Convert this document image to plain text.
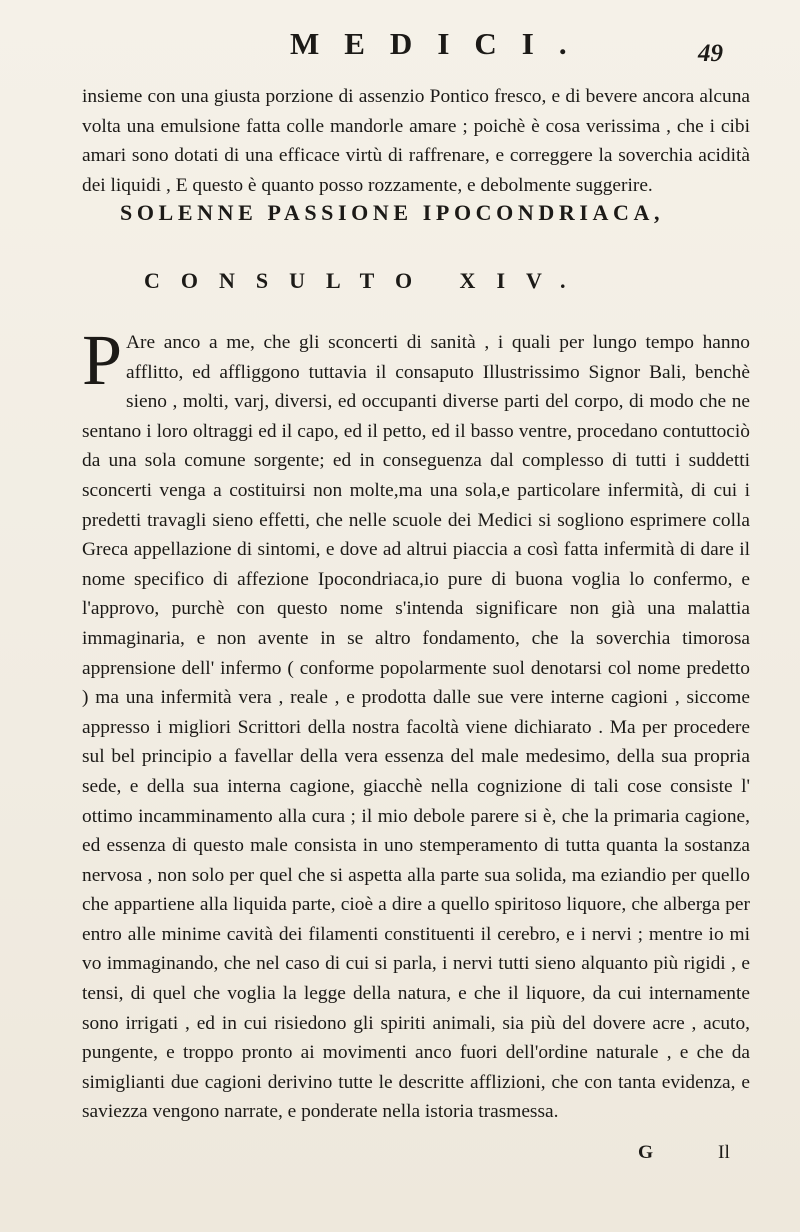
MEDICI.	49
insieme con una giusta porzione di assenzio Pontico fresco, e di bevere ancora alcuna volta una emulsione fatta colle mandorle amare ; poichè è cosa verissima , che i cibi amari sono dotati di una efficace virtù di raffrenare, e correggere la soverchia acidità dei liquidi , E questo è quanto posso rozzamente, e debolmente suggerire.
SOLENNE PASSIONE IPOCONDRIACA,
CONSULTO XIV.
P Are anco a me, che gli sconcerti di sanità , i quali per lungo tempo hanno afflitto, ed affliggono tuttavia il consaputo Illustrissimo Signor Bali, benchè sieno , molti, varj, diversi, ed occupanti diverse parti del corpo, di modo che ne sentano i loro oltraggi ed il capo, ed il petto, ed il basso ventre, procedano contuttociò da una sola comune sorgente; ed in conseguenza dal complesso di tutti i suddetti sconcerti venga a costituirsi non molte,ma una sola,e particolare infermità, di cui i predetti travagli sieno effetti, che nelle scuole dei Medici si sogliono esprimere colla Greca appellazione di sintomi, e dove ad altrui piaccia a così fatta infermità di dare il nome specifico di affezione Ipocondriaca,io pure di buona voglia lo confermo, e l'approvo, purchè con questo nome s'intenda significare non già una malattia immaginaria, e non avente in se altro fondamento, che la soverchia timorosa apprensione dell' infermo ( conforme popolarmente suol denotarsi col nome predetto ) ma una infermità vera , reale , e prodotta dalle sue vere interne cagioni , siccome appresso i migliori Scrittori della nostra facoltà viene dichiarato . Ma per procedere sul bel principio a favellar della vera essenza del male medesimo, della sua propria sede, e della sua interna cagione, giacchè nella cognizione di tali cose consiste l' ottimo incamminamento alla cura ; il mio debole parere si è, che la primaria cagione, ed essenza di questo male consista in uno stemperamento di tutta quanta la sostanza nervosa , non solo per quel che si aspetta alla parte sua solida, ma eziandio per quello che appartiene alla liquida parte, cioè a dire a quello spiritoso liquore, che alberga per entro alle minime cavità dei filamenti constituenti il cerebro, e i nervi ; mentre io mi vo immaginando, che nel caso di cui si parla, i nervi tutti sieno alquanto più rigidi , e tensi, di quel che voglia la legge della natura, e che il liquore, da cui internamente sono irrigati , ed in cui risiedono gli spiriti animali, sia più del dovere acre , acuto, pungente, e troppo pronto ai movimenti anco fuori dell'ordine naturale , e che da simiglianti due cagioni derivino tutte le descritte afflizioni, che con tanta evidenza, e saviezza vengono narrate, e ponderate nella istoria trasmessa.
G	Il
